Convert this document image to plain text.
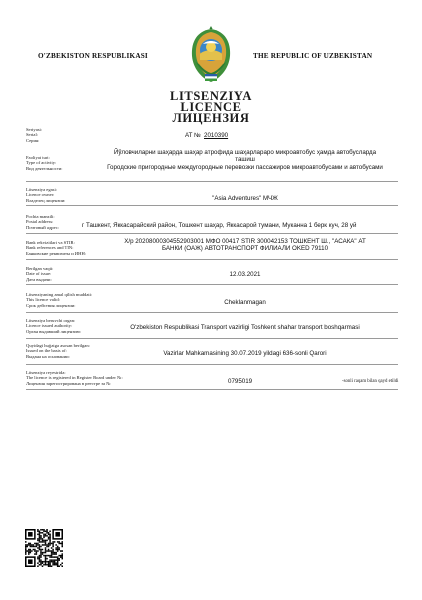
O'ZBEKISTON RESPUBLIKASI	THE REPUBLIC OF UZBEKISTAN
LITSENZIYA
LICENCE
ЛИЦЕНЗИЯ
Seriyasi:
Serial:
Серия:
AT № 2010390
Faoliyat turi:
Type of activity:
Вид деятельности:
Йўловчиларни шаҳарда шаҳар атрофида шаҳарлараро микроавтобус ҳамда автобусларда
ташиш
Городские пригородные междугородные перевозки пассажиров микроавтобусами и автобусами
Litsenziya egasi:
Licence owner:
Владелец лицензии:	"Asia Adventures" МЧЖ
Pochta manzili:
Postal address:
Почтовый адрес:	г Ташкент, Яккасарайский район, Тошкент шаҳар, Яккасарой тумани, Муканна 1 берк куч, 28 уй
Bank rekvizitlari va STIR:
Bank references and TIN:
Банковские реквизиты и ИНН:
Х/р 20208000304552903001 МФО 00417 STIR 300042153 ТОШКЕНТ Ш., "АСАКА" АТ
БАНКИ (ОАЖ) АВТОТРАНСПОРТ ФИЛИАЛИ OKED 79110
Berilgan vaqti:
Date of issue:
Дата выдачи:
12.03.2021
Litsenziyaning amal qilish muddati:
This licence valid:
Срок действия лицензии:	Cheklanmagan
Litsenziya beruvchi organ:
Licence issued authority:
Орган выдавший лицензию:
O'zbekiston Respublikasi Transport vazirligi Toshkent shahar transport boshqarmasi
Quyidagi hujjatga asosan berilgan:
Issued on the basis of:
Выдана на основании:	Vazirlar Mahkamasining 30.07.2019 yildagi 636-sonli Qarori
Litsenziya reyestrida:
The licence is registered in Register Board under №:
Лицензия зарегистрирована в реестре за №	0795019	-sonli raqam bilan qayd etildi
